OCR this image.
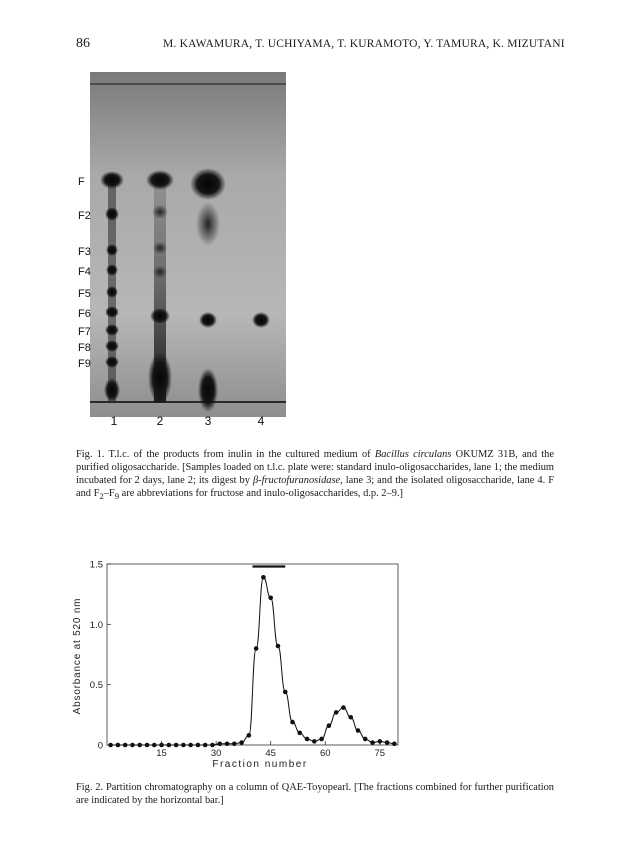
86	M. KAWAMURA, T. UCHIYAMA, T. KURAMOTO, Y. TAMURA, K. MIZUTANI
F
F2
F3
F4
F5
F6
F7
F8
F9
1	2	3	4
Fig. 1. T.l.c. of the products from inulin in the cultured medium of Bacillus circulans OKUMZ 31B, and the purified oligosaccharide. [Samples loaded on t.l.c. plate were: standard inulo-oligosaccharides, lane 1; the medium incubated for 2 days, lane 2; its digest by β-fructofuranosidase, lane 3; and the isolated oligosaccharide, lane 4. F and $F_2-F_9$ are abbreviations for fructose and inulo-oligosaccharides, d.p. 2–9.]
15	30	45	60	75
0
0.5
1.0
1.5
Absorbance at 520 nm
Fraction number
Fig. 2. Partition chromatography on a column of QAE-Toyopearl. [The fractions combined for further purification are indicated by the horizontal bar.]
